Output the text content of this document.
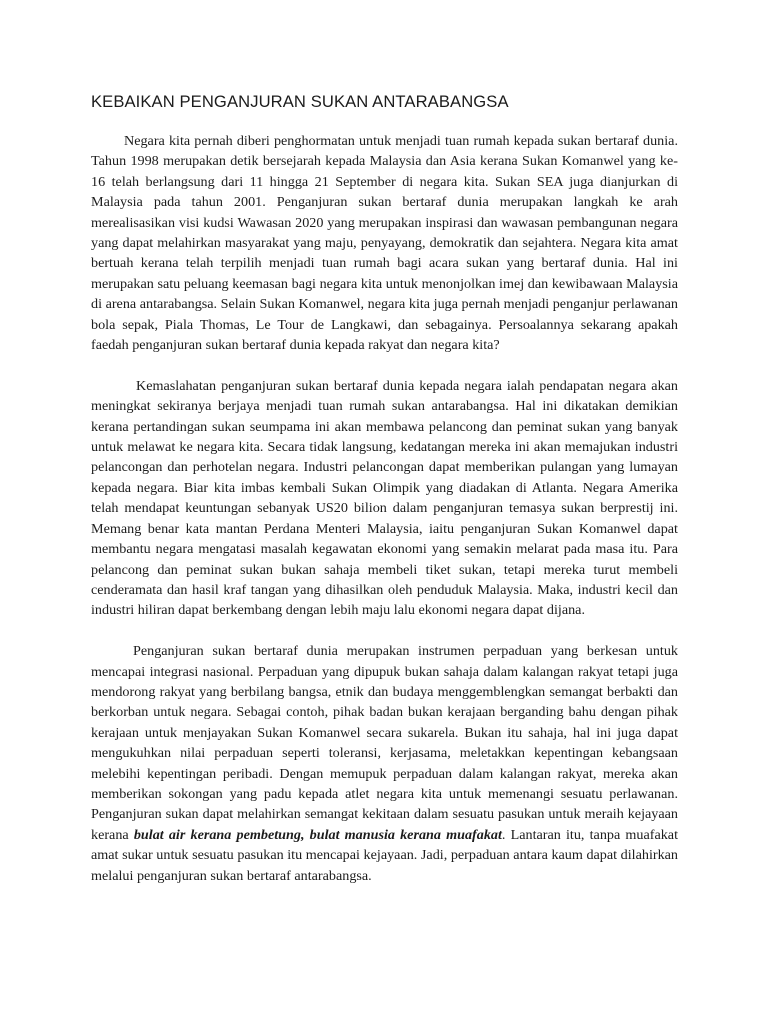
KEBAIKAN PENGANJURAN SUKAN ANTARABANGSA

Negara kita pernah diberi penghormatan untuk menjadi tuan rumah kepada sukan bertaraf dunia. Tahun 1998 merupakan detik bersejarah kepada Malaysia dan Asia kerana Sukan Komanwel yang ke-16 telah berlangsung dari 11 hingga 21 September di negara kita. Sukan SEA juga dianjurkan di Malaysia pada tahun 2001. Penganjuran sukan bertaraf dunia merupakan langkah ke arah merealisasikan visi kudsi Wawasan 2020 yang merupakan inspirasi dan wawasan pembangunan negara yang dapat melahirkan masyarakat yang maju, penyayang, demokratik dan sejahtera. Negara kita amat bertuah kerana telah terpilih menjadi tuan rumah bagi acara sukan yang bertaraf dunia. Hal ini merupakan satu peluang keemasan bagi negara kita untuk menonjolkan imej dan kewibawaan Malaysia di arena antarabangsa. Selain Sukan Komanwel, negara kita juga pernah menjadi penganjur perlawanan bola sepak, Piala Thomas, Le Tour de Langkawi, dan sebagainya. Persoalannya sekarang apakah faedah penganjuran sukan bertaraf dunia kepada rakyat dan negara kita?

Kemaslahatan penganjuran sukan bertaraf dunia kepada negara ialah pendapatan negara akan meningkat sekiranya berjaya menjadi tuan rumah sukan antarabangsa. Hal ini dikatakan demikian kerana pertandingan sukan seumpama ini akan membawa pelancong dan peminat sukan yang banyak untuk melawat ke negara kita. Secara tidak langsung, kedatangan mereka ini akan memajukan industri pelancongan dan perhotelan negara. Industri pelancongan dapat memberikan pulangan yang lumayan kepada negara. Biar kita imbas kembali Sukan Olimpik yang diadakan di Atlanta. Negara Amerika telah mendapat keuntungan sebanyak US20 bilion dalam penganjuran temasya sukan berprestij ini. Memang benar kata mantan Perdana Menteri Malaysia, iaitu penganjuran Sukan Komanwel dapat membantu negara mengatasi masalah kegawatan ekonomi yang semakin melarat pada masa itu. Para pelancong dan peminat sukan bukan sahaja membeli tiket sukan, tetapi mereka turut membeli cenderamata dan hasil kraf tangan yang dihasilkan oleh penduduk Malaysia. Maka, industri kecil dan industri hiliran dapat berkembang dengan lebih maju lalu ekonomi negara dapat dijana.

Penganjuran sukan bertaraf dunia merupakan instrumen perpaduan yang berkesan untuk mencapai integrasi nasional. Perpaduan yang dipupuk bukan sahaja dalam kalangan rakyat tetapi juga mendorong rakyat yang berbilang bangsa, etnik dan budaya menggemblengkan semangat berbakti dan berkorban untuk negara. Sebagai contoh, pihak badan bukan kerajaan berganding bahu dengan pihak kerajaan untuk menjayakan Sukan Komanwel secara sukarela. Bukan itu sahaja, hal ini juga dapat mengukuhkan nilai perpaduan seperti toleransi, kerjasama, meletakkan kepentingan kebangsaan melebihi kepentingan peribadi. Dengan memupuk perpaduan dalam kalangan rakyat, mereka akan memberikan sokongan yang padu kepada atlet negara kita untuk memenangi sesuatu perlawanan. Penganjuran sukan dapat melahirkan semangat kekitaan dalam sesuatu pasukan untuk meraih kejayaan kerana bulat air kerana pembetung, bulat manusia kerana muafakat. Lantaran itu, tanpa muafakat amat sukar untuk sesuatu pasukan itu mencapai kejayaan. Jadi, perpaduan antara kaum dapat dilahirkan melalui penganjuran sukan bertaraf antarabangsa.
